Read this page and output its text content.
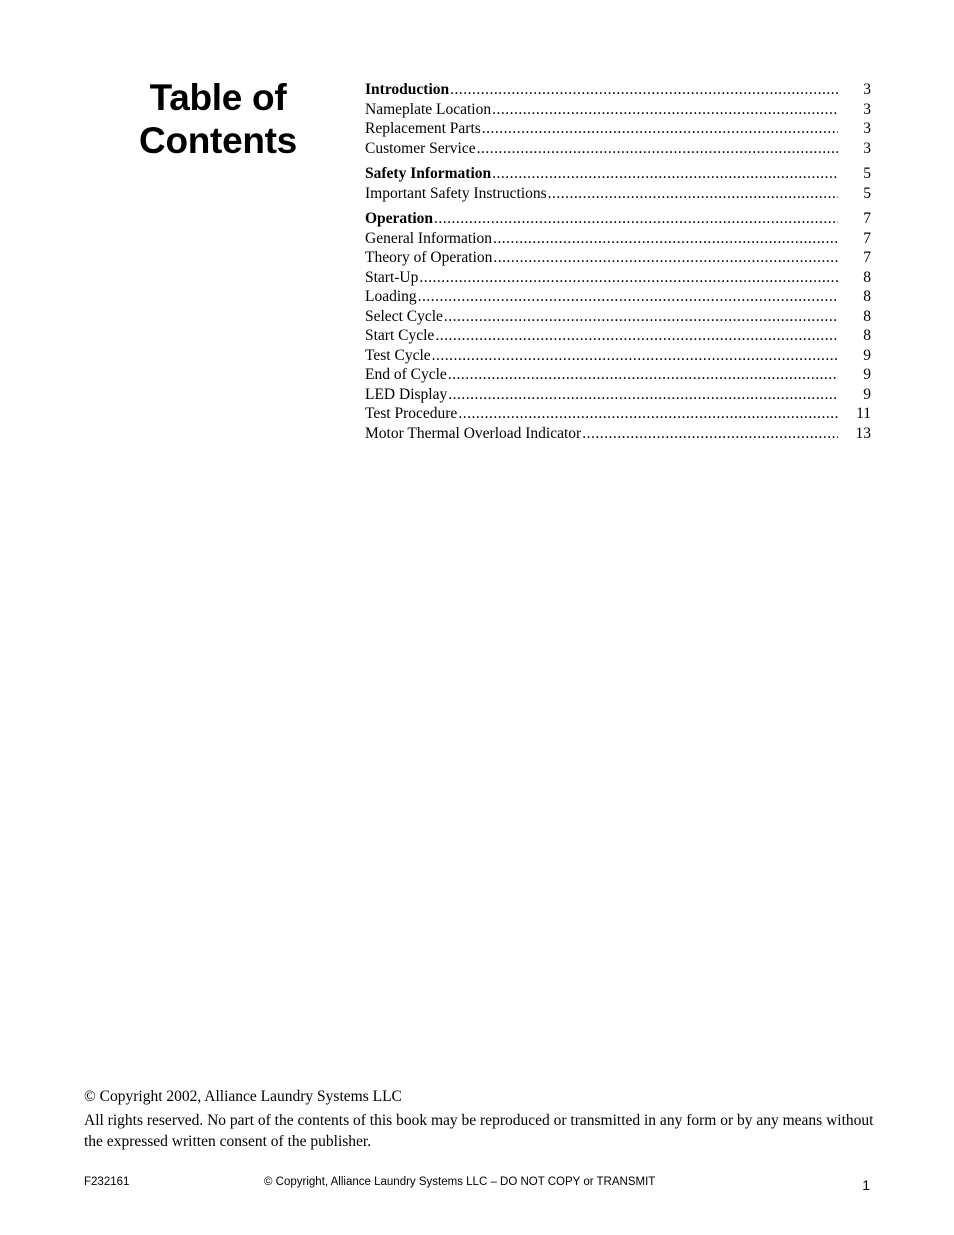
Table of
Contents
Introduction .....	3
Nameplate Location .....	3
Replacement Parts .....	3
Customer Service .....	3
Safety Information .....	5
Important Safety Instructions .....	5
Operation .....	7
General Information .....	7
Theory of Operation .....	7
Start-Up .....	8
Loading .....	8
Select Cycle .....	8
Start Cycle .....	8
Test Cycle .....	9
End of Cycle .....	9
LED Display .....	9
Test Procedure .....	11
Motor Thermal Overload Indicator .....	13

© Copyright 2002, Alliance Laundry Systems LLC

All rights reserved. No part of the contents of this book may be reproduced or transmitted in any form or by any means without the expressed written consent of the publisher.

F232161	© Copyright, Alliance Laundry Systems LLC – DO NOT COPY or TRANSMIT	1
